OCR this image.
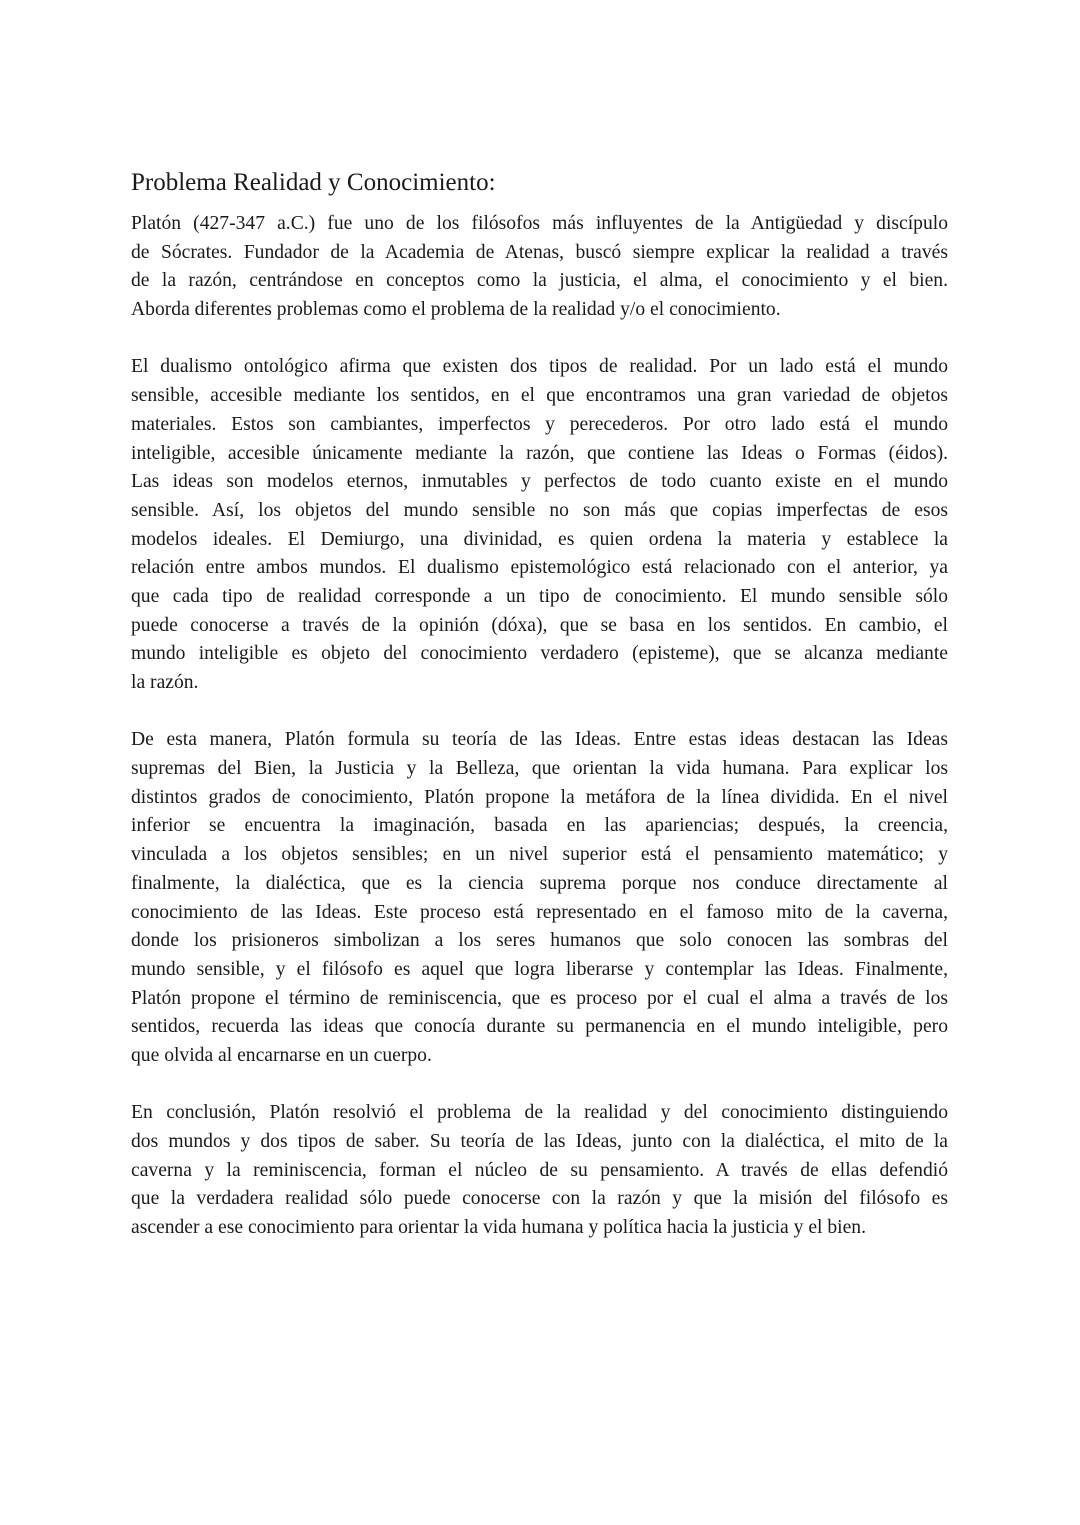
Problema Realidad y Conocimiento:
Platón (427-347 a.C.) fue uno de los filósofos más influyentes de la Antigüedad y discípulo
de Sócrates. Fundador de la Academia de Atenas, buscó siempre explicar la realidad a través
de la razón, centrándose en conceptos como la justicia, el alma, el conocimiento y el bien.
Aborda diferentes problemas como el problema de la realidad y/o el conocimiento.
El dualismo ontológico afirma que existen dos tipos de realidad. Por un lado está el mundo
sensible, accesible mediante los sentidos, en el que encontramos una gran variedad de objetos
materiales. Estos son cambiantes, imperfectos y perecederos. Por otro lado está el mundo
inteligible, accesible únicamente mediante la razón, que contiene las Ideas o Formas (éidos).
Las ideas son modelos eternos, inmutables y perfectos de todo cuanto existe en el mundo
sensible. Así, los objetos del mundo sensible no son más que copias imperfectas de esos
modelos ideales. El Demiurgo, una divinidad, es quien ordena la materia y establece la
relación entre ambos mundos. El dualismo epistemológico está relacionado con el anterior, ya
que cada tipo de realidad corresponde a un tipo de conocimiento. El mundo sensible sólo
puede conocerse a través de la opinión (dóxa), que se basa en los sentidos. En cambio, el
mundo inteligible es objeto del conocimiento verdadero (episteme), que se alcanza mediante
la razón.
De esta manera, Platón formula su teoría de las Ideas. Entre estas ideas destacan las Ideas
supremas del Bien, la Justicia y la Belleza, que orientan la vida humana. Para explicar los
distintos grados de conocimiento, Platón propone la metáfora de la línea dividida. En el nivel
inferior se encuentra la imaginación, basada en las apariencias; después, la creencia,
vinculada a los objetos sensibles; en un nivel superior está el pensamiento matemático; y
finalmente, la dialéctica, que es la ciencia suprema porque nos conduce directamente al
conocimiento de las Ideas. Este proceso está representado en el famoso mito de la caverna,
donde los prisioneros simbolizan a los seres humanos que solo conocen las sombras del
mundo sensible, y el filósofo es aquel que logra liberarse y contemplar las Ideas. Finalmente,
Platón propone el término de reminiscencia, que es proceso por el cual el alma a través de los
sentidos, recuerda las ideas que conocía durante su permanencia en el mundo inteligible, pero
que olvida al encarnarse en un cuerpo.
En conclusión, Platón resolvió el problema de la realidad y del conocimiento distinguiendo
dos mundos y dos tipos de saber. Su teoría de las Ideas, junto con la dialéctica, el mito de la
caverna y la reminiscencia, forman el núcleo de su pensamiento. A través de ellas defendió
que la verdadera realidad sólo puede conocerse con la razón y que la misión del filósofo es
ascender a ese conocimiento para orientar la vida humana y política hacia la justicia y el bien.
